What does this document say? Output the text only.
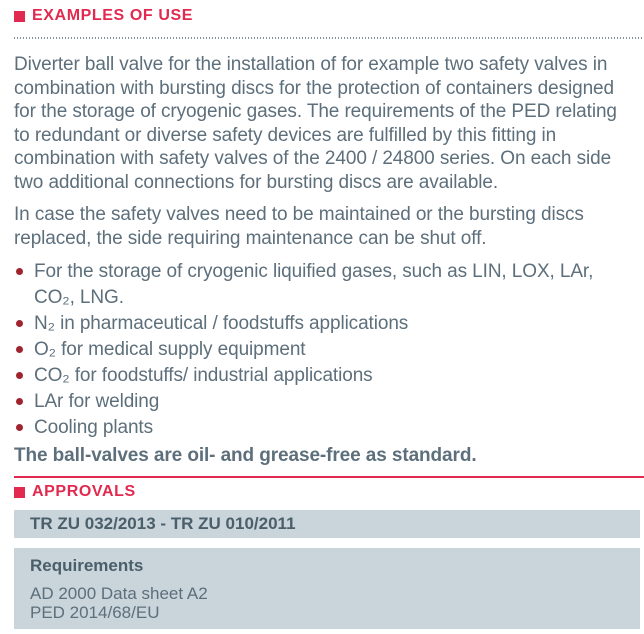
EXAMPLES OF USE

Diverter ball valve for the installation of for example two safety valves in combination with bursting discs for the protection of containers designed for the storage of cryogenic gases. The requirements of the PED relating to redundant or diverse safety devices are fulfilled by this fitting in combination with safety valves of the 2400 / 24800 series. On each side two additional connections for bursting discs are available.

In case the safety valves need to be maintained or the bursting discs replaced, the side requiring maintenance can be shut off.

For the storage of cryogenic liquified gases, such as LIN, LOX, LAr, CO₂, LNG.
N₂ in pharmaceutical / foodstuffs applications
O₂ for medical supply equipment
CO₂ for foodstuffs/ industrial applications
LAr for welding
Cooling plants
The ball-valves are oil- and grease-free as standard.
APPROVALS
TR ZU 032/2013 - TR ZU 010/2011
Requirements
AD 2000 Data sheet A2
PED 2014/68/EU
